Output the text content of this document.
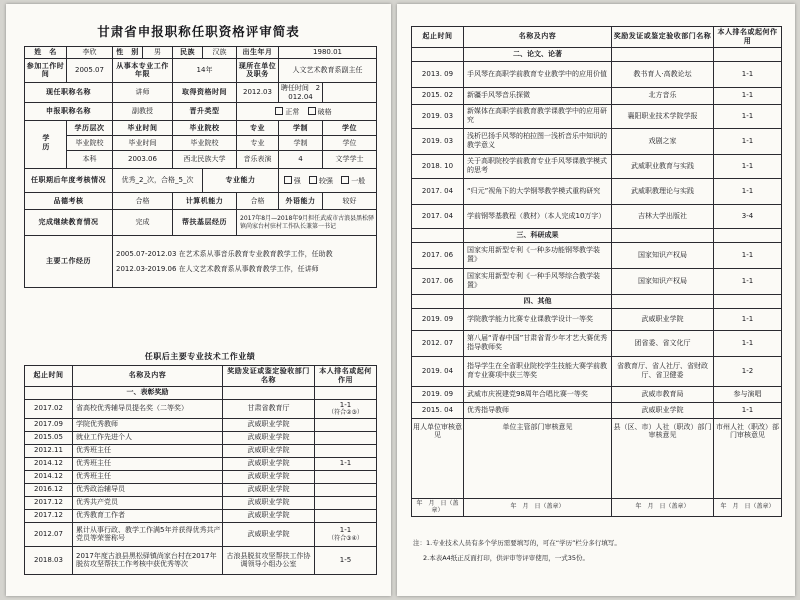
甘肃省申报职称任职资格评审简表
姓　名	李欣	性　别	男	民族	汉族	出生年月	1980.01	
参加工作时间	2005.07	从事本专业工作年限		14年		现所在单位及职务	人文艺术教育系副主任	
现任职称名称		讲师		取得资格时间		2012.03	聘任时间 2012.04	
申报职称名称		副教授		晋升类型		正常 破格		
学历	学历层次	毕业时间		毕业院校		专业	学制	学位
	毕业院校	毕业时间		毕业院校		专业	学制	学位
	本科	2003.06		西北民族大学		音乐表演	4	文学学士
任职期后年度考核情况		优秀_2_次，合格_5_次			专业能力		强 较强 一般	
品德考核		合格		计算机能力		合格	外语能力	较好
完成继续教育情况		完成		帮扶基层经历		2017年8月—2018年9月担任武威市古浪县黑松驿镇尚家台村驻村工作队长兼第一书记		
主要工作经历		2005.07-2012.03 在艺术系从事音乐教育专业教育教学工作，任助教
2012.03-2019.06 在人文艺术教育系从事教育教学工作，任讲师						
任职后主要专业技术工作业绩
起止时间	名称及内容	奖励发证或鉴定验收部门名称	本人排名或起何作用
	一、表彰奖励		
2017.02	省高校优秀辅导员提名奖（二等奖）	甘肃省教育厅	1-1
（符合②③）

2017.09	学院优秀教师	武威职业学院	
2015.05	就业工作先进个人	武威职业学院	
2012.11	优秀班主任	武威职业学院	
2014.12	优秀班主任	武威职业学院	1-1
2014.12	优秀班主任	武威职业学院	
2016.12	优秀政治辅导员	武威职业学院	
2017.12	优秀共产党员	武威职业学院	
2017.12	优秀教育工作者	武威职业学院	
2012.07	累计从事行政、教学工作满5年并获得优秀共产党员等荣誉称号	武威职业学院	1-1
（符合③④）

2018.03	2017年度古浪县黑松驿镇尚家台村在2017年脱贫攻坚帮扶工作考核中获优秀等次	古浪县脱贫攻坚帮扶工作协调领导小组办公室	1-5
起止时间	名称及内容	奖励发证或鉴定验收部门名称	本人排名或起何作用
	二、论文、论著		
2013. 09	手风琴在高职学前教育专业教学中的应用价值	教书育人·高教论坛	1-1
2015. 02	新疆手风琴音乐探微	北方音乐	1-1
2019. 03	新媒体在高职学前教育教学课教学中的应用研究	襄阳职业技术学院学报	1-1
2019. 03	浅析巴扬手风琴的柏拉图一浅析音乐中知识的教学意义	戏剧之家	1-1
2018. 10	关于高职院校学前教育专业手风琴课教学模式的思考	武威职业教育与实践	1-1
2017. 04	“归元”视角下的大学钢琴教学模式重构研究	武威职教理论与实践	1-1
2017. 04	学前钢琴基教程（教材）（本人完成10万字）	吉林大学出版社	3-4
	三、科研成果		
2017. 06	国家实用新型专利《一种多功能钢琴教学装置》	国家知识产权局	1-1
2017. 06	国家实用新型专利《一种手风琴综合教学装置》	国家知识产权局	1-1
	四、其他		
2019. 09	学院教学能力比赛专业课教学设计一等奖	武威职业学院	1-1
2012. 07	第八届“青春中国”甘肃省青少年才艺大赛优秀指导教师奖	团省委、省文化厅	1-1
2019. 04	指导学生在全省职业院校学生技能大赛学前教育专业赛项中获三等奖	省教育厅、省人社厅、省财政厅、省卫健委	1-2
2019. 09	武威市庆祝建党98周年合唱比赛一等奖	武威市教育局	参与演唱
2015. 04	优秀指导教师	武威职业学院	1-1
用人单位审核意见	单位主管部门审核意见	县（区、市）人社（职改）部门审核意见	市州人社（职改）部门审核意见
年　月　日（盖章）	年　月　日（盖章）	年　月　日（盖章）	年　月　日（盖章）
注：1.专业技术人员有多个学历需要填写的，可在“学历”栏分多行填写。
2.本表A4纸正反面打印，供评审等评审使用，一式35份。
